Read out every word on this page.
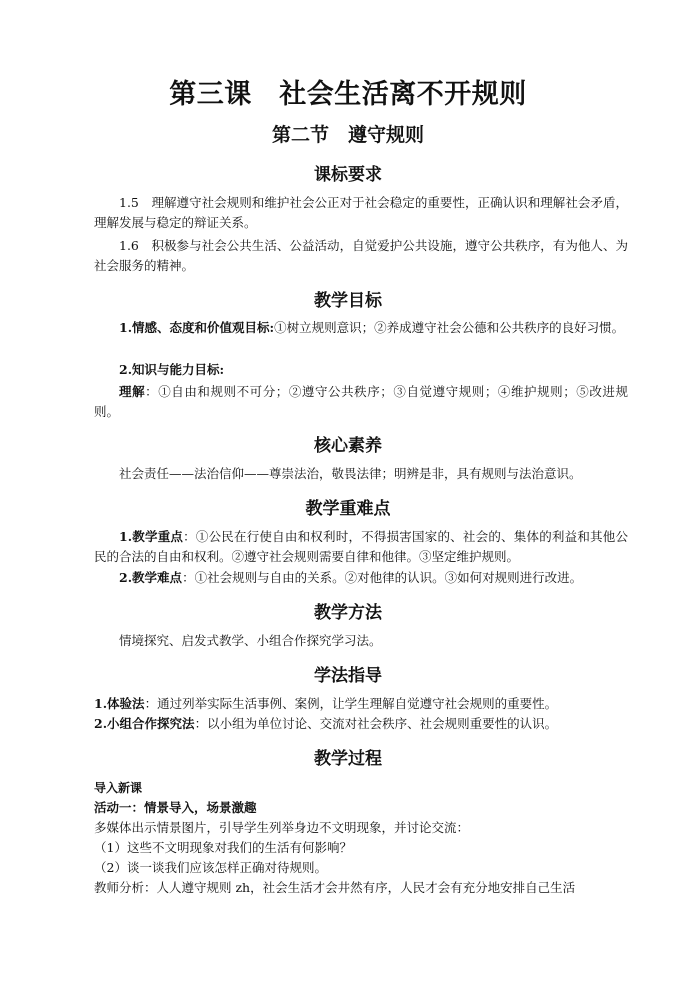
第三课　社会生活离不开规则
第二节　遵守规则
课标要求
1.5　理解遵守社会规则和维护社会公正对于社会稳定的重要性，正确认识和理解社会矛盾，理解发展与稳定的辩证关系。
1.6　积极参与社会公共生活、公益活动，自觉爱护公共设施，遵守公共秩序，有为他人、为社会服务的精神。
教学目标
1.情感、态度和价值观目标:①树立规则意识；②养成遵守社会公德和公共秩序的良好习惯。
2.知识与能力目标:
理解：①自由和规则不可分；②遵守公共秩序；③自觉遵守规则；④维护规则；⑤改进规则。
核心素养
社会责任——法治信仰——尊崇法治，敬畏法律；明辨是非，具有规则与法治意识。
教学重难点
1.教学重点：①公民在行使自由和权利时，不得损害国家的、社会的、集体的利益和其他公民的合法的自由和权利。②遵守社会规则需要自律和他律。③坚定维护规则。
2.教学难点：①社会规则与自由的关系。②对他律的认识。③如何对规则进行改进。
教学方法
情境探究、启发式教学、小组合作探究学习法。
学法指导
1.体验法：通过列举实际生活事例、案例，让学生理解自觉遵守社会规则的重要性。
2.小组合作探究法：以小组为单位讨论、交流对社会秩序、社会规则重要性的认识。
教学过程
导入新课
活动一：情景导入，场景激趣
多媒体出示情景图片，引导学生列举身边不文明现象，并讨论交流：
（1）这些不文明现象对我们的生活有何影响？
（2）谈一谈我们应该怎样正确对待规则。
教师分析：人人遵守规则 zh，社会生活才会井然有序，人民才会有充分地安排自己生活
